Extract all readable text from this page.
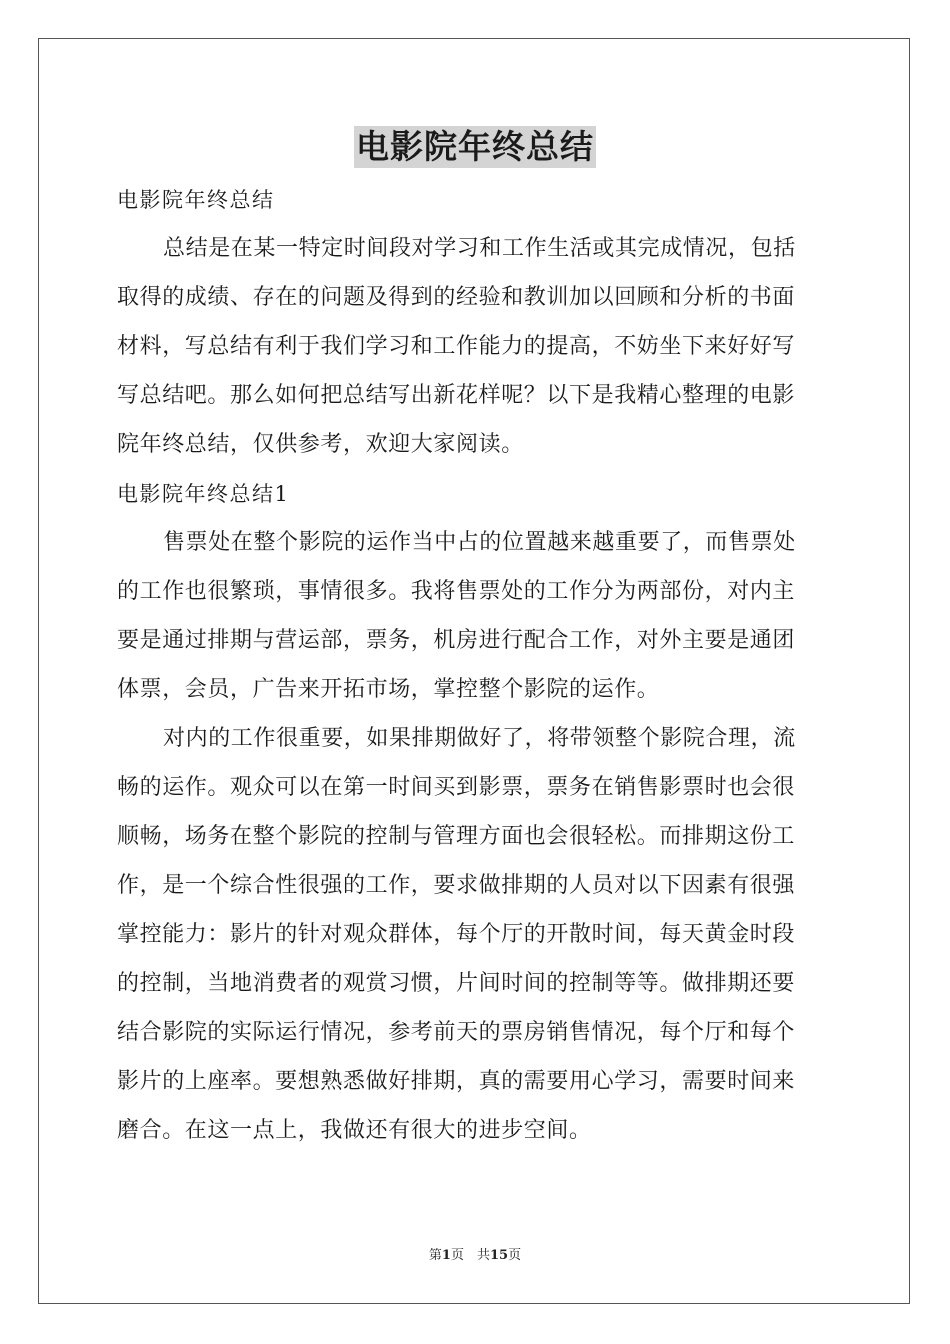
电影院年终总结
电影院年终总结
总结是在某一特定时间段对学习和工作生活或其完成情况，包括
取得的成绩、存在的问题及得到的经验和教训加以回顾和分析的书面
材料，写总结有利于我们学习和工作能力的提高，不妨坐下来好好写
写总结吧。那么如何把总结写出新花样呢？以下是我精心整理的电影
院年终总结，仅供参考，欢迎大家阅读。
电影院年终总结1
售票处在整个影院的运作当中占的位置越来越重要了，而售票处
的工作也很繁琐，事情很多。我将售票处的工作分为两部份，对内主
要是通过排期与营运部，票务，机房进行配合工作，对外主要是通团
体票，会员，广告来开拓市场，掌控整个影院的运作。
对内的工作很重要，如果排期做好了，将带领整个影院合理，流
畅的运作。观众可以在第一时间买到影票，票务在销售影票时也会很
顺畅，场务在整个影院的控制与管理方面也会很轻松。而排期这份工
作，是一个综合性很强的工作，要求做排期的人员对以下因素有很强
掌控能力：影片的针对观众群体，每个厅的开散时间，每天黄金时段
的控制，当地消费者的观赏习惯，片间时间的控制等等。做排期还要
结合影院的实际运行情况，参考前天的票房销售情况，每个厅和每个
影片的上座率。要想熟悉做好排期，真的需要用心学习，需要时间来
磨合。在这一点上，我做还有很大的进步空间。
第1页　共15页
